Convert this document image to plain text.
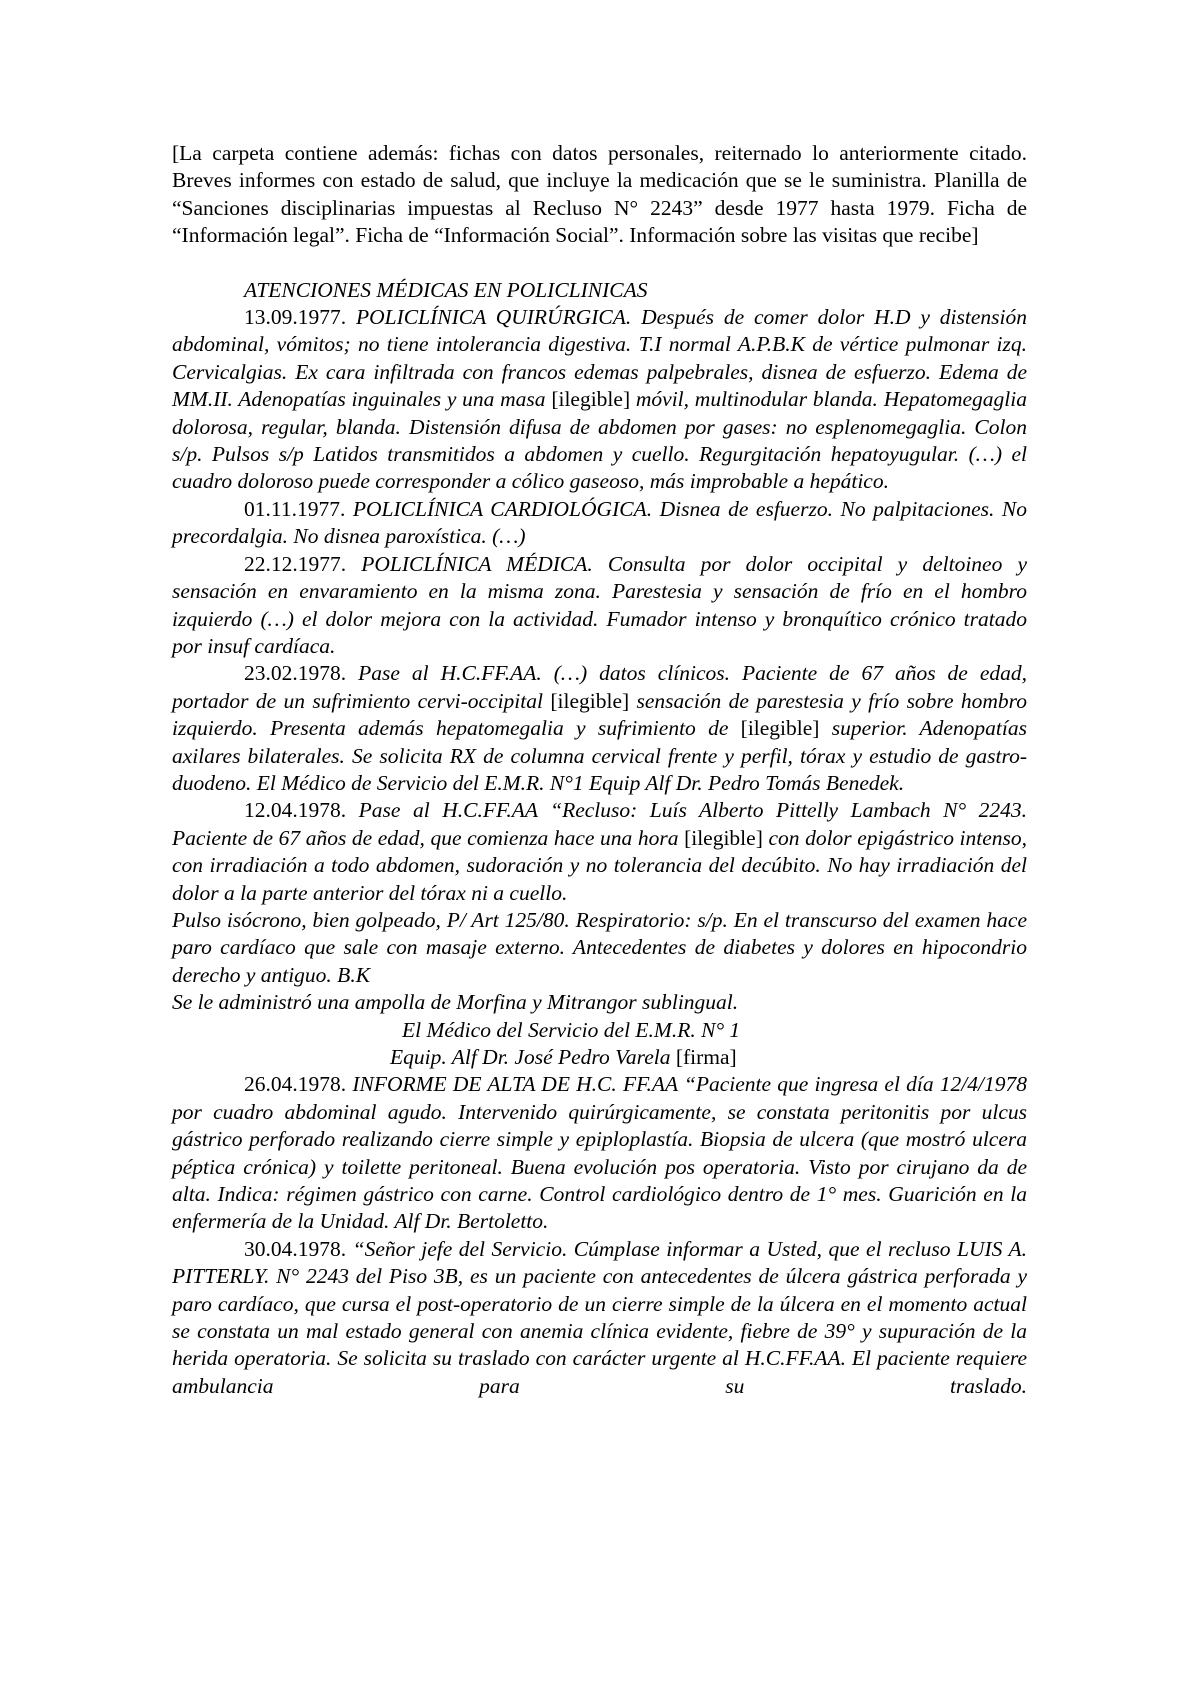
[La carpeta contiene además: fichas con datos personales, reiternado lo anteriormente citado. Breves informes con estado de salud, que incluye la medicación que se le suministra. Planilla de “Sanciones disciplinarias impuestas al Recluso N° 2243” desde 1977 hasta 1979. Ficha de “Información legal”. Ficha de “Información Social”. Información sobre las visitas que recibe]

ATENCIONES MÉDICAS EN POLICLINICAS

13.09.1977. POLICLÍNICA QUIRÚRGICA. Después de comer dolor H.D y distensión abdominal, vómitos; no tiene intolerancia digestiva. T.I normal A.P.B.K de vértice pulmonar izq. Cervicalgias. Ex cara infiltrada con francos edemas palpebrales, disnea de esfuerzo. Edema de MM.II. Adenopatías inguinales y una masa [ilegible] móvil, multinodular blanda. Hepatomegaglia dolorosa, regular, blanda. Distensión difusa de abdomen por gases: no esplenomegaglia. Colon s/p. Pulsos s/p Latidos transmitidos a abdomen y cuello. Regurgitación hepatoyugular. (…) el cuadro doloroso puede corresponder a cólico gaseoso, más improbable a hepático.

01.11.1977. POLICLÍNICA CARDIOLÓGICA. Disnea de esfuerzo. No palpitaciones. No precordalgia. No disnea paroxística. (…)

22.12.1977. POLICLÍNICA MÉDICA. Consulta por dolor occipital y deltoineo y sensación en envaramiento en la misma zona. Parestesia y sensación de frío en el hombro izquierdo (…) el dolor mejora con la actividad. Fumador intenso y bronquítico crónico tratado por insuf cardíaca.

23.02.1978. Pase al H.C.FF.AA. (…) datos clínicos. Paciente de 67 años de edad, portador de un sufrimiento cervi-occipital [ilegible] sensación de parestesia y frío sobre hombro izquierdo. Presenta además hepatomegalia y sufrimiento de [ilegible] superior. Adenopatías axilares bilaterales. Se solicita RX de columna cervical frente y perfil, tórax y estudio de gastro-duodeno. El Médico de Servicio del E.M.R. N°1 Equip Alf Dr. Pedro Tomás Benedek.

12.04.1978. Pase al H.C.FF.AA “Recluso: Luís Alberto Pittelly Lambach N° 2243. Paciente de 67 años de edad, que comienza hace una hora [ilegible] con dolor epigástrico intenso, con irradiación a todo abdomen, sudoración y no tolerancia del decúbito. No hay irradiación del dolor a la parte anterior del tórax ni a cuello.

Pulso isócrono, bien golpeado, P/ Art 125/80. Respiratorio: s/p. En el transcurso del examen hace paro cardíaco que sale con masaje externo. Antecedentes de diabetes y dolores en hipocondrio derecho y antiguo. B.K

Se le administró una ampolla de Morfina y Mitrangor sublingual.

El Médico del Servicio del E.M.R. N° 1

Equip. Alf Dr. José Pedro Varela [firma]

26.04.1978. INFORME DE ALTA DE H.C. FF.AA “Paciente que ingresa el día 12/4/1978 por cuadro abdominal agudo. Intervenido quirúrgicamente, se constata peritonitis por ulcus gástrico perforado realizando cierre simple y epiploplastía. Biopsia de ulcera (que mostró ulcera péptica crónica) y toilette peritoneal. Buena evolución pos operatoria. Visto por cirujano da de alta. Indica: régimen gástrico con carne. Control cardiológico dentro de 1° mes. Guarición en la enfermería de la Unidad. Alf Dr. Bertoletto.

30.04.1978. “Señor jefe del Servicio. Cúmplase informar a Usted, que el recluso LUIS A. PITTERLY. N° 2243 del Piso 3B, es un paciente con antecedentes de úlcera gástrica perforada y paro cardíaco, que cursa el post-operatorio de un cierre simple de la úlcera en el momento actual se constata un mal estado general con anemia clínica evidente, fiebre de 39° y supuración de la herida operatoria. Se solicita su traslado con carácter urgente al H.C.FF.AA. El paciente requiere ambulancia para su traslado.
